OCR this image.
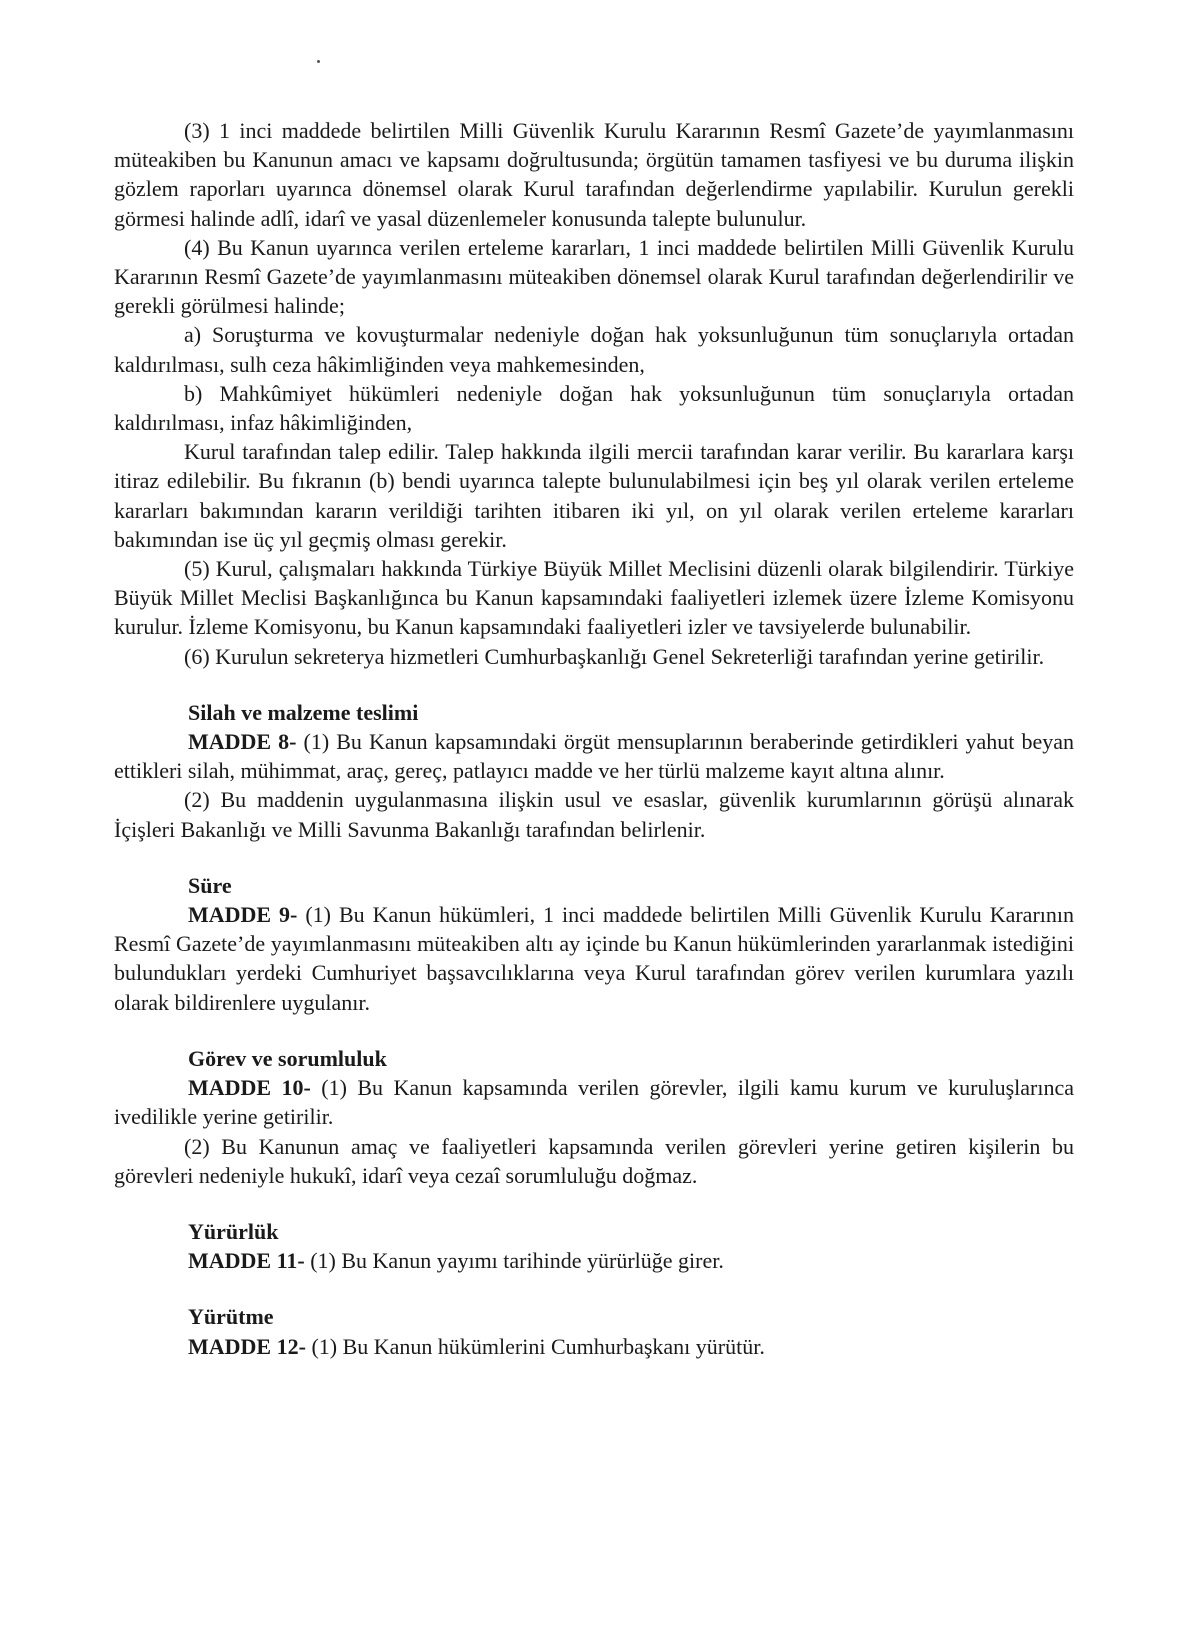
(3) 1 inci maddede belirtilen Milli Güvenlik Kurulu Kararının Resmî Gazete’de yayımlanmasını müteakiben bu Kanunun amacı ve kapsamı doğrultusunda; örgütün tamamen tasfiyesi ve bu duruma ilişkin gözlem raporları uyarınca dönemsel olarak Kurul tarafından değerlendirme yapılabilir. Kurulun gerekli görmesi halinde adlî, idarî ve yasal düzenlemeler konusunda talepte bulunulur.

(4) Bu Kanun uyarınca verilen erteleme kararları, 1 inci maddede belirtilen Milli Güvenlik Kurulu Kararının Resmî Gazete’de yayımlanmasını müteakiben dönemsel olarak Kurul tarafından değerlendirilir ve gerekli görülmesi halinde;

a) Soruşturma ve kovuşturmalar nedeniyle doğan hak yoksunluğunun tüm sonuçlarıyla ortadan kaldırılması, sulh ceza hâkimliğinden veya mahkemesinden,

b) Mahkûmiyet hükümleri nedeniyle doğan hak yoksunluğunun tüm sonuçlarıyla ortadan kaldırılması, infaz hâkimliğinden,

Kurul tarafından talep edilir. Talep hakkında ilgili mercii tarafından karar verilir. Bu kararlara karşı itiraz edilebilir. Bu fıkranın (b) bendi uyarınca talepte bulunulabilmesi için beş yıl olarak verilen erteleme kararları bakımından kararın verildiği tarihten itibaren iki yıl, on yıl olarak verilen erteleme kararları bakımından ise üç yıl geçmiş olması gerekir.

(5) Kurul, çalışmaları hakkında Türkiye Büyük Millet Meclisini düzenli olarak bilgilendirir. Türkiye Büyük Millet Meclisi Başkanlığınca bu Kanun kapsamındaki faaliyetleri izlemek üzere İzleme Komisyonu kurulur. İzleme Komisyonu, bu Kanun kapsamındaki faaliyetleri izler ve tavsiyelerde bulunabilir.

(6) Kurulun sekreterya hizmetleri Cumhurbaşkanlığı Genel Sekreterliği tarafından yerine getirilir.

Silah ve malzeme teslimi

MADDE 8- (1) Bu Kanun kapsamındaki örgüt mensuplarının beraberinde getirdikleri yahut beyan ettikleri silah, mühimmat, araç, gereç, patlayıcı madde ve her türlü malzeme kayıt altına alınır.

(2) Bu maddenin uygulanmasına ilişkin usul ve esaslar, güvenlik kurumlarının görüşü alınarak İçişleri Bakanlığı ve Milli Savunma Bakanlığı tarafından belirlenir.

Süre

MADDE 9- (1) Bu Kanun hükümleri, 1 inci maddede belirtilen Milli Güvenlik Kurulu Kararının Resmî Gazete’de yayımlanmasını müteakiben altı ay içinde bu Kanun hükümlerinden yararlanmak istediğini bulundukları yerdeki Cumhuriyet başsavcılıklarına veya Kurul tarafından görev verilen kurumlara yazılı olarak bildirenlere uygulanır.

Görev ve sorumluluk

MADDE 10- (1) Bu Kanun kapsamında verilen görevler, ilgili kamu kurum ve kuruluşlarınca ivedilikle yerine getirilir.

(2) Bu Kanunun amaç ve faaliyetleri kapsamında verilen görevleri yerine getiren kişilerin bu görevleri nedeniyle hukukî, idarî veya cezaî sorumluluğu doğmaz.

Yürürlük

MADDE 11- (1) Bu Kanun yayımı tarihinde yürürlüğe girer.

Yürütme

MADDE 12- (1) Bu Kanun hükümlerini Cumhurbaşkanı yürütür.
